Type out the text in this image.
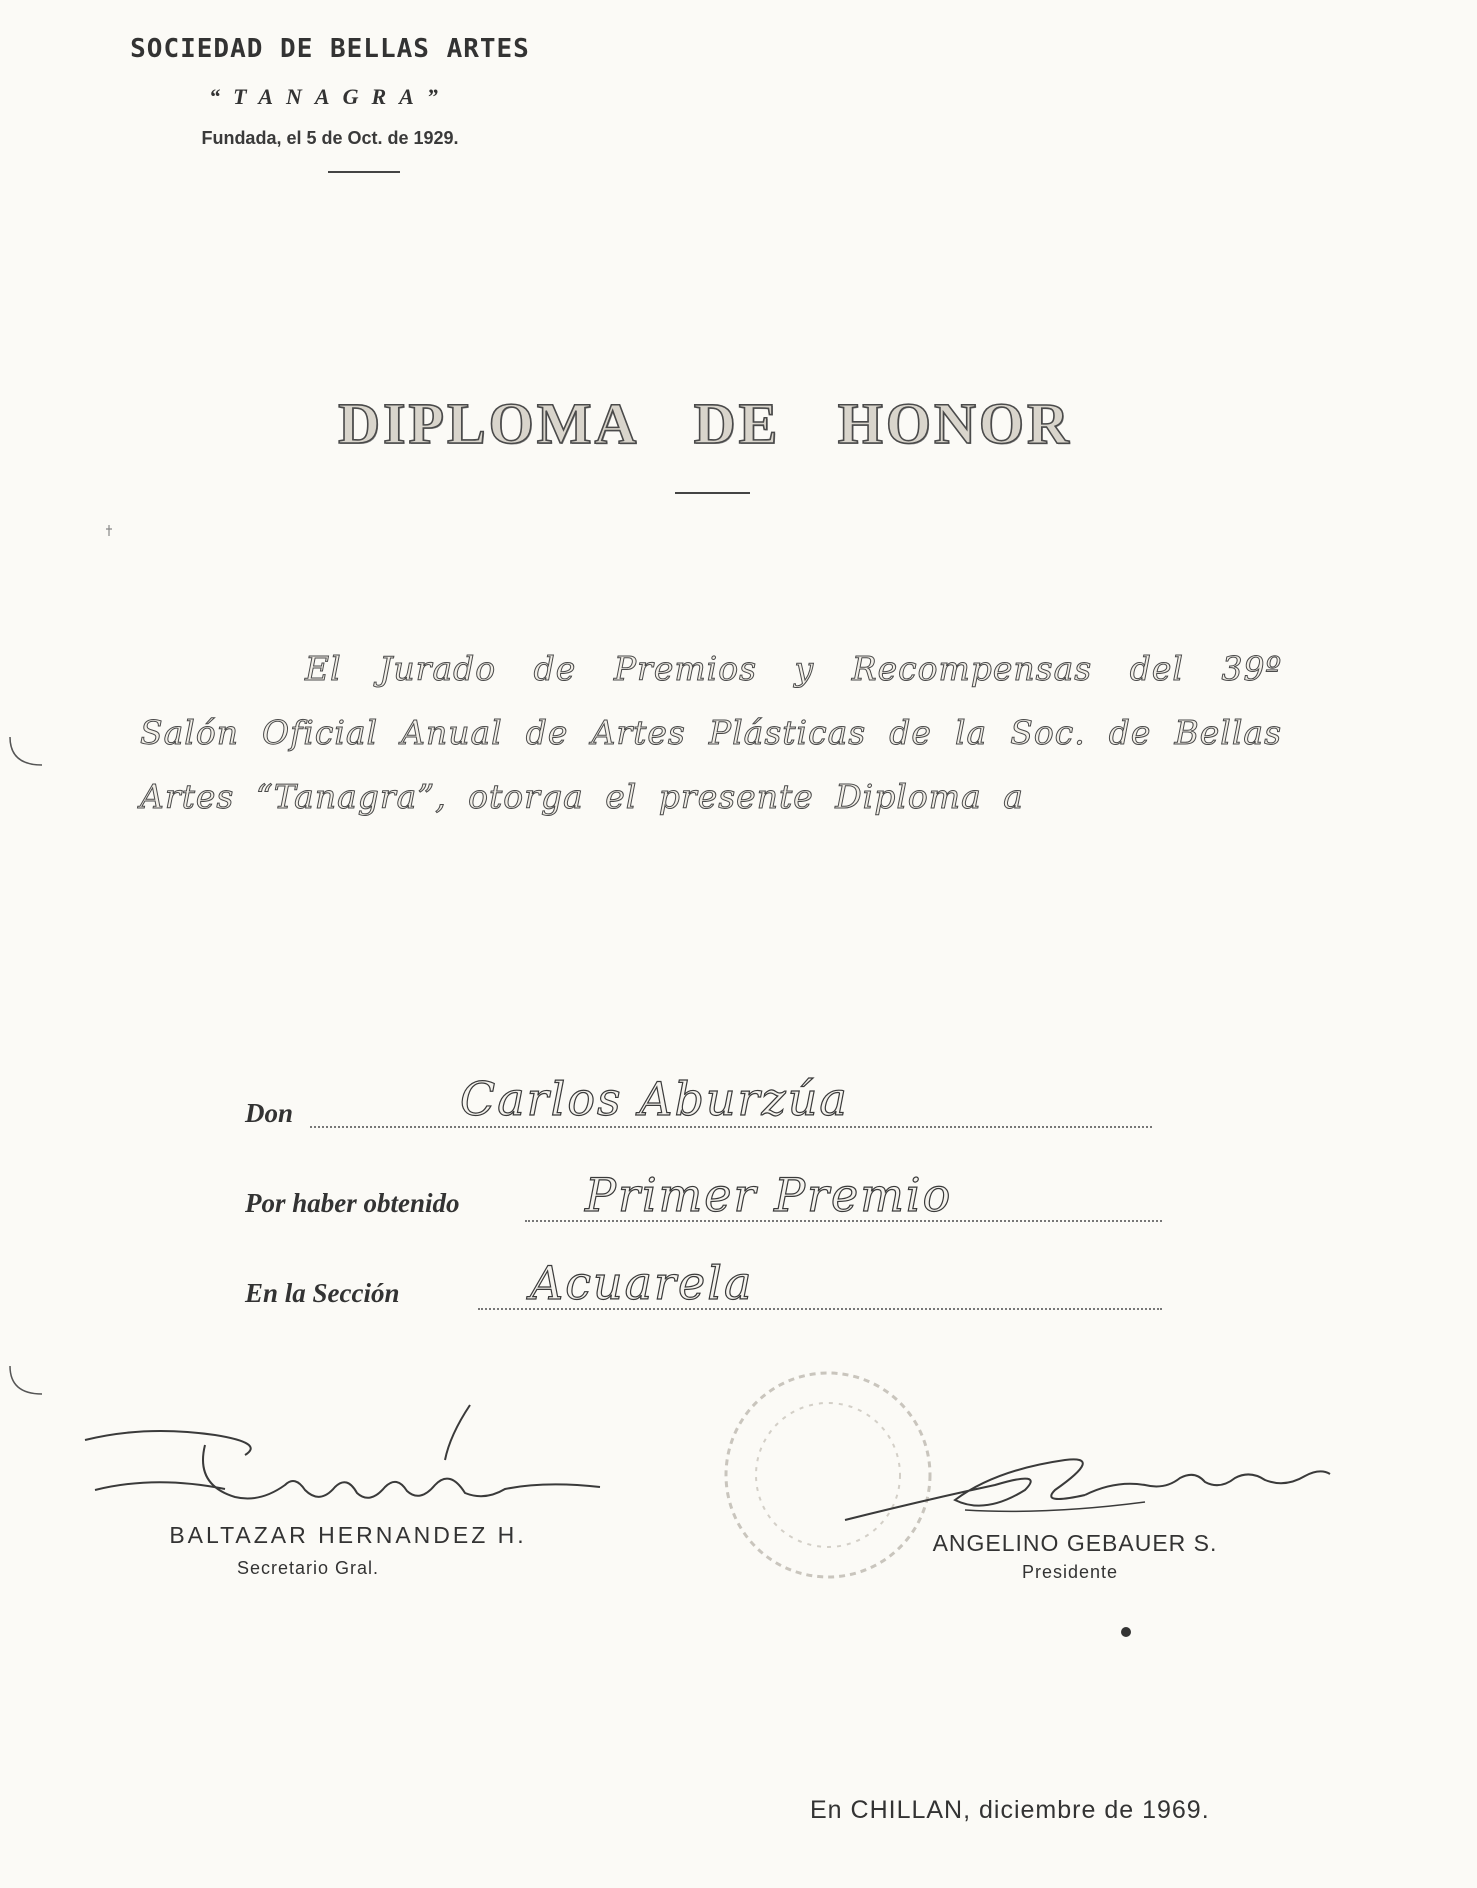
SOCIEDAD DE BELLAS ARTES
“TANAGRA”
Fundada, el 5 de Oct. de 1929.
DIPLOMA DE HONOR
El Jurado de Premios y Recompensas del 39º Salón Oficial Anual de Artes Plásticas de la Soc. de Bellas Artes “Tanagra”, otorga el presente Diploma a
Don	Carlos Aburzúa
Por haber obtenido	Primer Premio
En la Sección	Acuarela
BALTAZAR HERNANDEZ H.
Secretario Gral.
ANGELINO GEBAUER S.
Presidente
En CHILLAN, diciembre de 1969.
